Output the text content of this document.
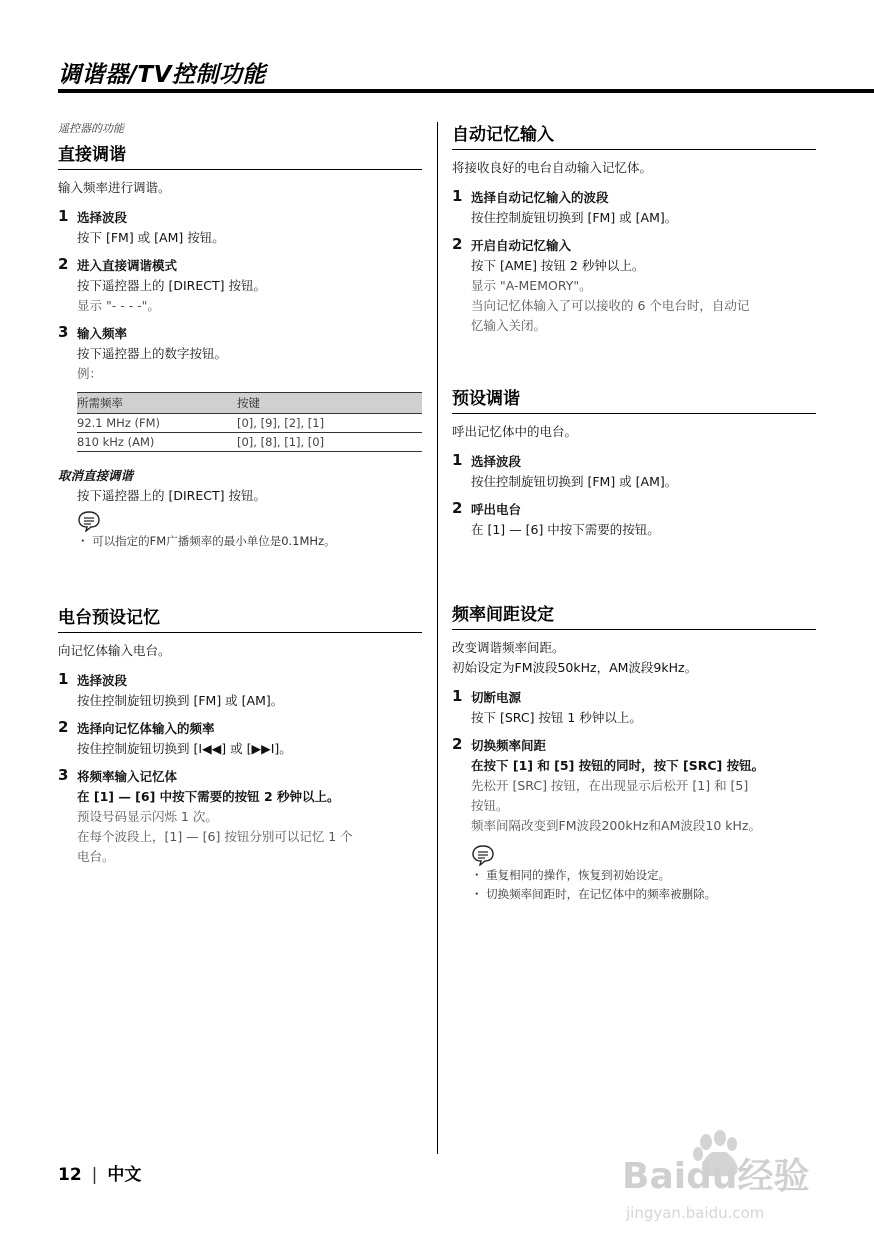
调谐器/TV控制功能
遥控器的功能
直接调谐
输入频率进行调谐。
1 选择波段
按下 [FM] 或 [AM] 按钮。
2 进入直接调谐模式
按下遥控器上的 [DIRECT] 按钮。
显示 "- - - -"。
3 输入频率
按下遥控器上的数字按钮。
例：
所需频率	按键
92.1 MHz (FM)	[0], [9], [2], [1]
810 kHz (AM)	[0], [8], [1], [0]
取消直接调谐
按下遥控器上的 [DIRECT] 按钮。
・ 可以指定的FM广播频率的最小单位是0.1MHz。
电台预设记忆
向记忆体输入电台。
1 选择波段
按住控制旋钮切换到 [FM] 或 [AM]。
2 选择向记忆体输入的频率
按住控制旋钮切换到 [I◀◀] 或 [▶▶I]。
3 将频率输入记忆体
在 [1] — [6] 中按下需要的按钮 2 秒钟以上。
预设号码显示闪烁 1 次。
在每个波段上，[1] — [6] 按钮分别可以记忆 1 个
电台。
自动记忆输入
将接收良好的电台自动输入记忆体。
1 选择自动记忆输入的波段
按住控制旋钮切换到 [FM] 或 [AM]。
2 开启自动记忆输入
按下 [AME] 按钮 2 秒钟以上。
显示 "A-MEMORY"。
当向记忆体输入了可以接收的 6 个电台时，自动记
忆输入关闭。
预设调谐
呼出记忆体中的电台。
1 选择波段
按住控制旋钮切换到 [FM] 或 [AM]。
2 呼出电台
在 [1] — [6] 中按下需要的按钮。
频率间距设定
改变调谐频率间距。
初始设定为FM波段50kHz，AM波段9kHz。
1 切断电源
按下 [SRC] 按钮 1 秒钟以上。
2 切换频率间距
在按下 [1] 和 [5] 按钮的同时，按下 [SRC] 按钮。
先松开 [SRC] 按钮，在出现显示后松开 [1] 和 [5]
按钮。
频率间隔改变到FM波段200kHz和AM波段10 kHz。
・ 重复相同的操作，恢复到初始设定。
・ 切换频率间距时，在记忆体中的频率被删除。
12 | 中文	Baidu经验
jingyan.baidu.com
